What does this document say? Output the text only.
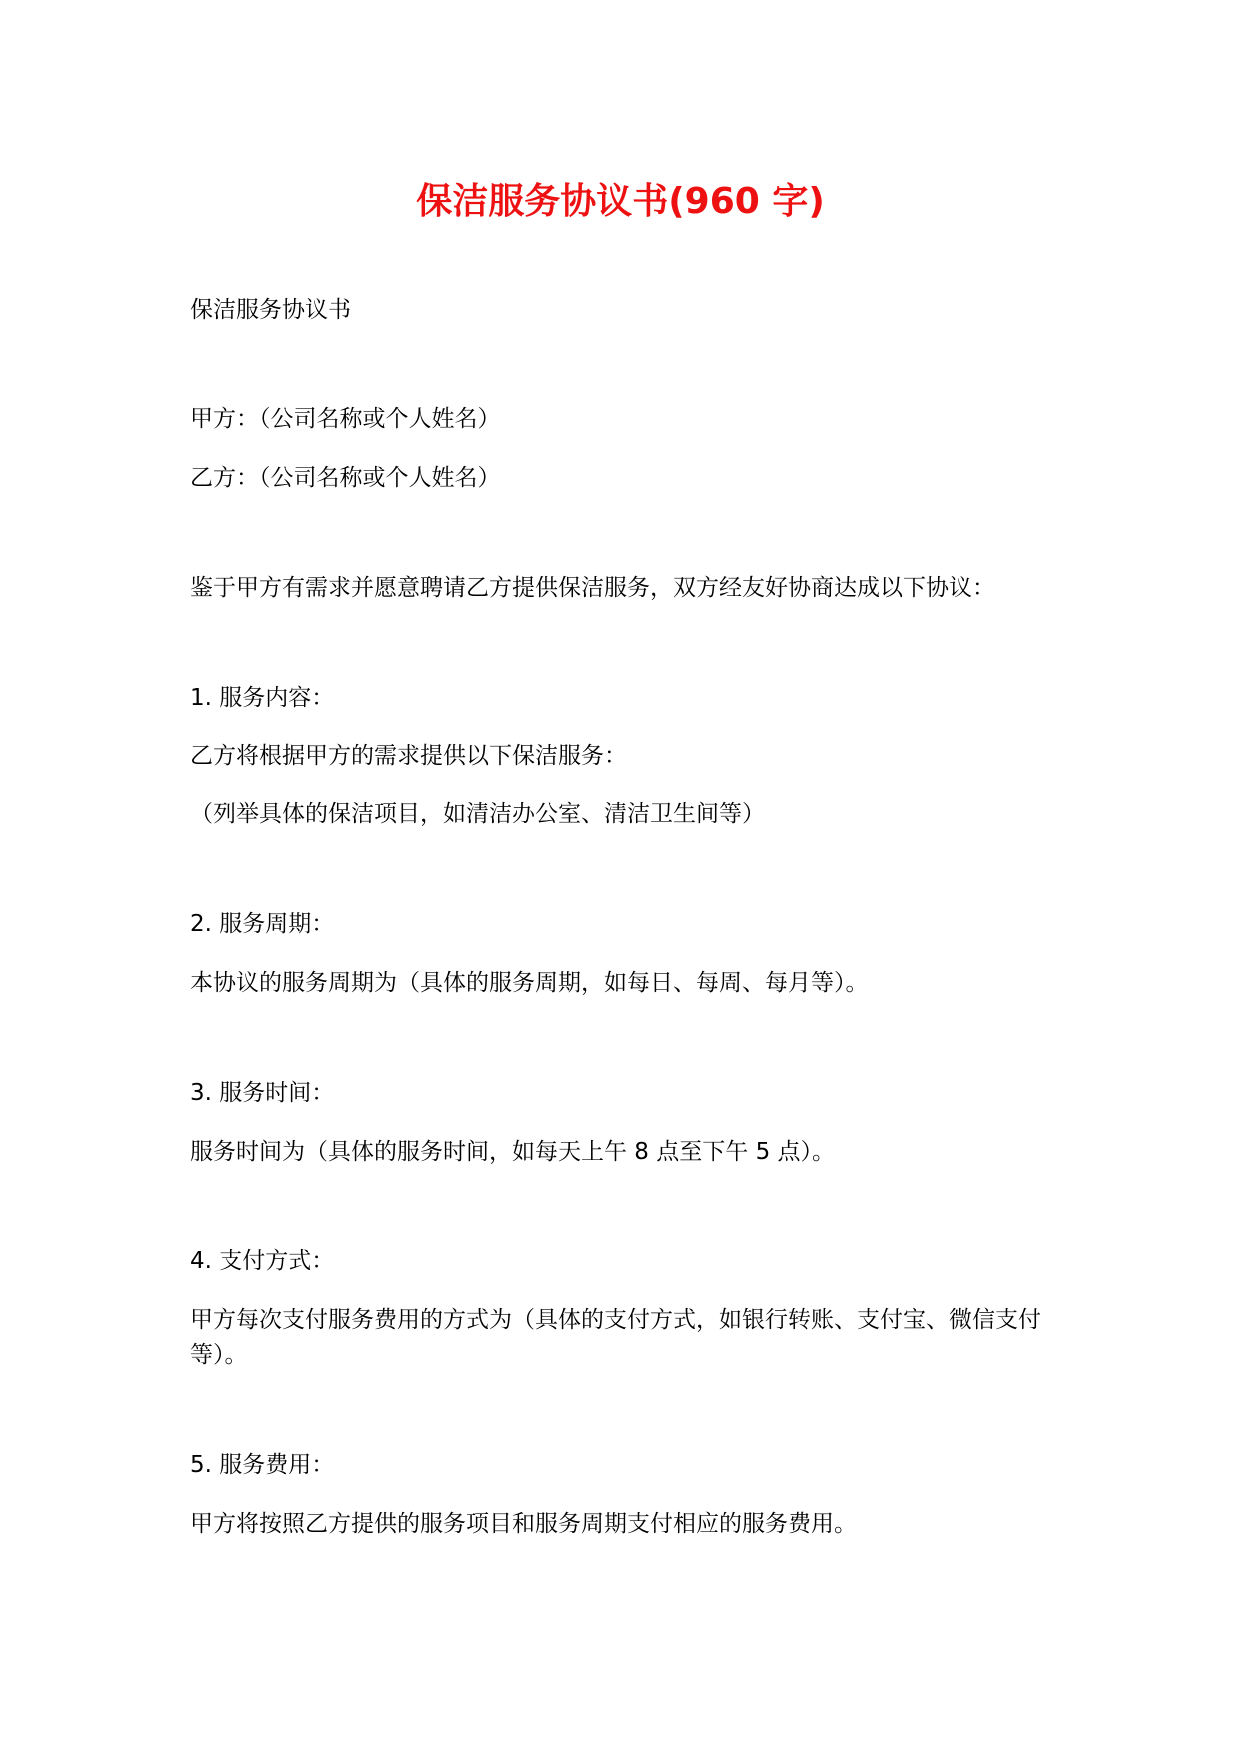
保洁服务协议书(960 字)
保洁服务协议书
甲方：（公司名称或个人姓名）
乙方：（公司名称或个人姓名）
鉴于甲方有需求并愿意聘请乙方提供保洁服务，双方经友好协商达成以下协议：
1. 服务内容：
乙方将根据甲方的需求提供以下保洁服务：
（列举具体的保洁项目，如清洁办公室、清洁卫生间等）
2. 服务周期：
本协议的服务周期为（具体的服务周期，如每日、每周、每月等）。
3. 服务时间：
服务时间为（具体的服务时间，如每天上午 8 点至下午 5 点）。
4. 支付方式：
甲方每次支付服务费用的方式为（具体的支付方式，如银行转账、支付宝、微信支付
等）。
5. 服务费用：
甲方将按照乙方提供的服务项目和服务周期支付相应的服务费用。
